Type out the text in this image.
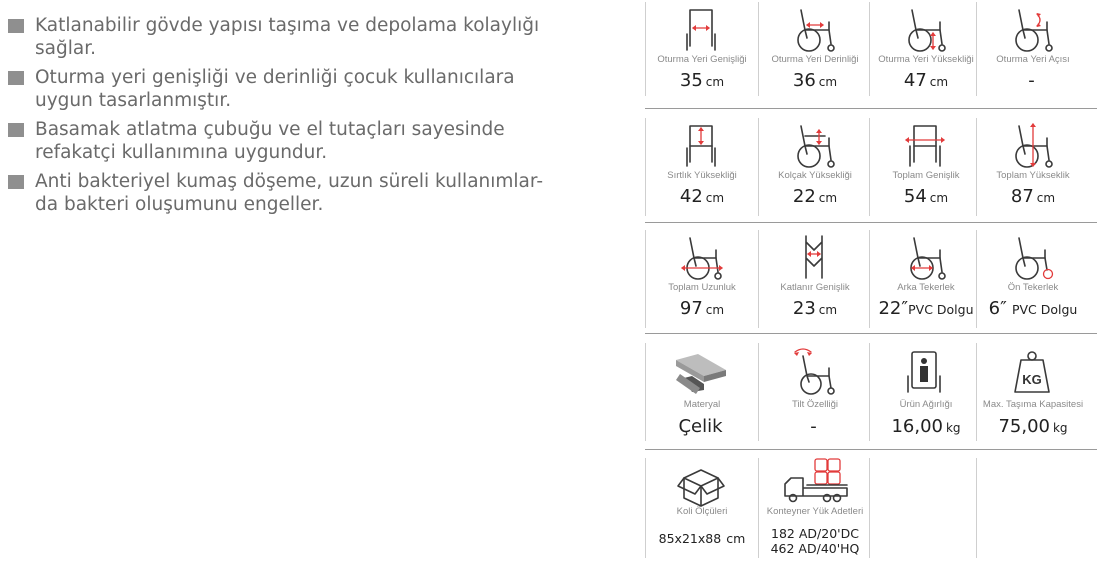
Katlanabilir gövde yapısı taşıma ve depolama kolaylığı sağlar.
Oturma yeri genişliği ve derinliği çocuk kullanıcılara uygun tasarlanmıştır.
Basamak atlatma çubuğu ve el tutaçları sayesinde refakatçi kullanımına uygundur.
Anti bakteriyel kumaş döşeme, uzun süreli kullanımlar-da bakteri oluşumunu engeller.
Oturma Yeri Genişliği
35 cm
Oturma Yeri Derinliği
36 cm
Oturma Yeri Yüksekliği
47 cm
Oturma Yeri Açısı
-
Sırtlık Yüksekliği
42 cm
Kolçak Yüksekliği
22 cm
Toplam Genişlik
54 cm
Toplam Yükseklik
87 cm
Toplam Uzunluk
97 cm
Katlanır Genişlik
23 cm
Arka Tekerlek
22″PVC Dolgu
Ön Tekerlek
6″ PVC Dolgu
Materyal
Çelik
Tilt Özelliği
-
Ürün Ağırlığı
16,00 kg
KG
Max. Taşıma Kapasitesi
75,00 kg
Koli Ölçüleri
85x21x88 cm
Konteyner Yük Adetleri
182 AD/20'DC
462 AD/40'HQ
